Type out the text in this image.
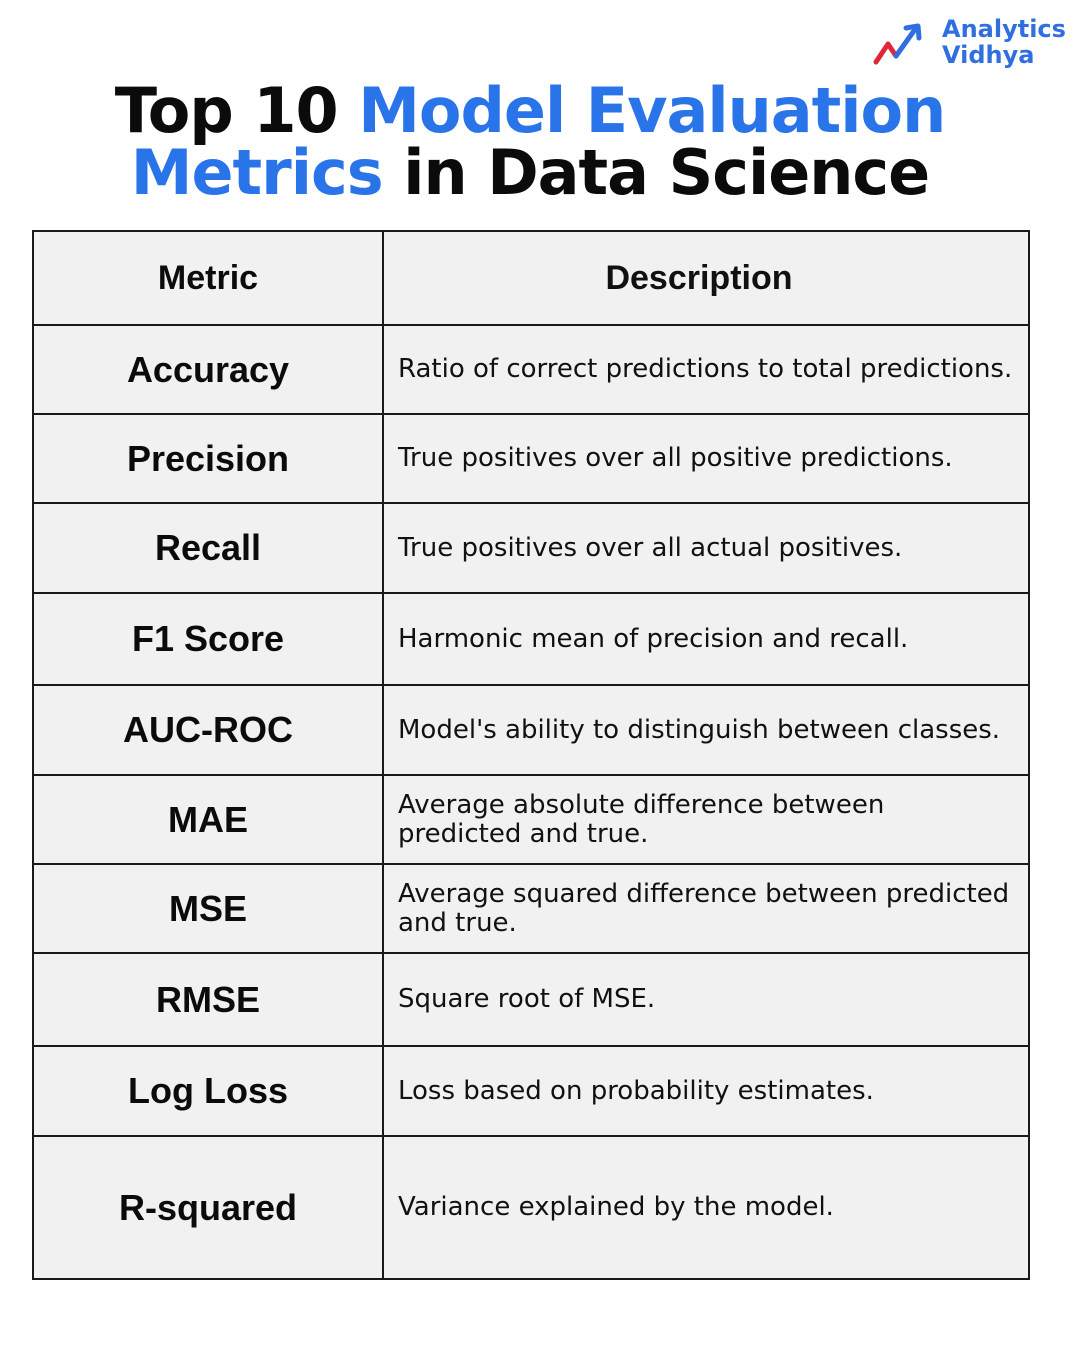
Analytics
Vidhya
Top 10 Model Evaluation
Metrics in Data Science
Metric	Description
Accuracy	Ratio of correct predictions to total predictions.
Precision	True positives over all positive predictions.
Recall	True positives over all actual positives.
F1 Score	Harmonic mean of precision and recall.
AUC-ROC	Model's ability to distinguish between classes.
MAE	Average absolute difference between predicted and true.
MSE	Average squared difference between predicted and true.
RMSE	Square root of MSE.
Log Loss	Loss based on probability estimates.
R-squared	Variance explained by the model.
